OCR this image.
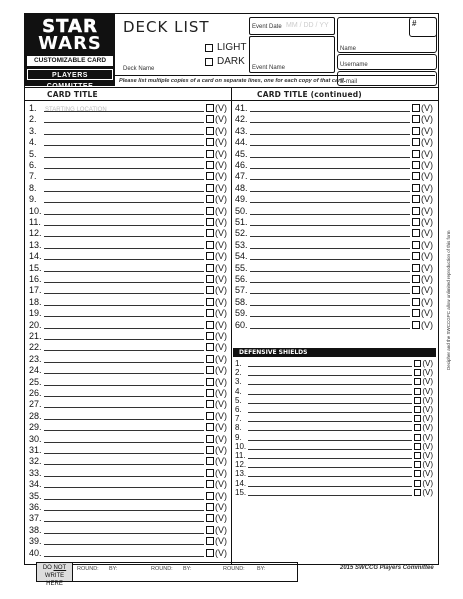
STAR
WARS
CUSTOMIZABLE CARD GAME
PLAYERS COMMITTEE
DECK LIST
LIGHT
DARK
Deck Name
Event Date MM / DD / YY
Event Name
Name
#
Username
E-mail
Please list multiple copies of a card on separate lines, one for each copy of that card.
CARD TITLE	CARD TITLE (continued)
STARTING LOCATION
1.	(V)
2.	(V)
3.	(V)
4.	(V)
5.	(V)
6.	(V)
7.	(V)
8.	(V)
9.	(V)
10.	(V)
11.	(V)
12.	(V)
13.	(V)
14.	(V)
15.	(V)
16.	(V)
17.	(V)
18.	(V)
19.	(V)
20.	(V)
21.	(V)
22.	(V)
23.	(V)
24.	(V)
25.	(V)
26.	(V)
27.	(V)
28.	(V)
29.	(V)
30.	(V)
31.	(V)
32.	(V)
33.	(V)
34.	(V)
35.	(V)
36.	(V)
37.	(V)
38.	(V)
39.	(V)
40.	(V)
41.	(V)
42.	(V)
43.	(V)
44.	(V)
45.	(V)
46.	(V)
47.	(V)
48.	(V)
49.	(V)
50.	(V)
51.	(V)
52.	(V)
53.	(V)
54.	(V)
55.	(V)
56.	(V)
57.	(V)
58.	(V)
59.	(V)
60.	(V)
DEFENSIVE SHIELDS
1.	(V)
2.	(V)
3.	(V)
4.	(V)
5.	(V)
6.	(V)
7.	(V)
8.	(V)
9.	(V)
10.	(V)
11.	(V)
12.	(V)
13.	(V)
14.	(V)
15.	(V)
DO NOT
WRITE HERE
ROUND: BY:	ROUND: BY:	ROUND: BY:	2015 SWCCG Players Committee
Decipher and the SWCCGPC allow unlimited reproduction of this form
